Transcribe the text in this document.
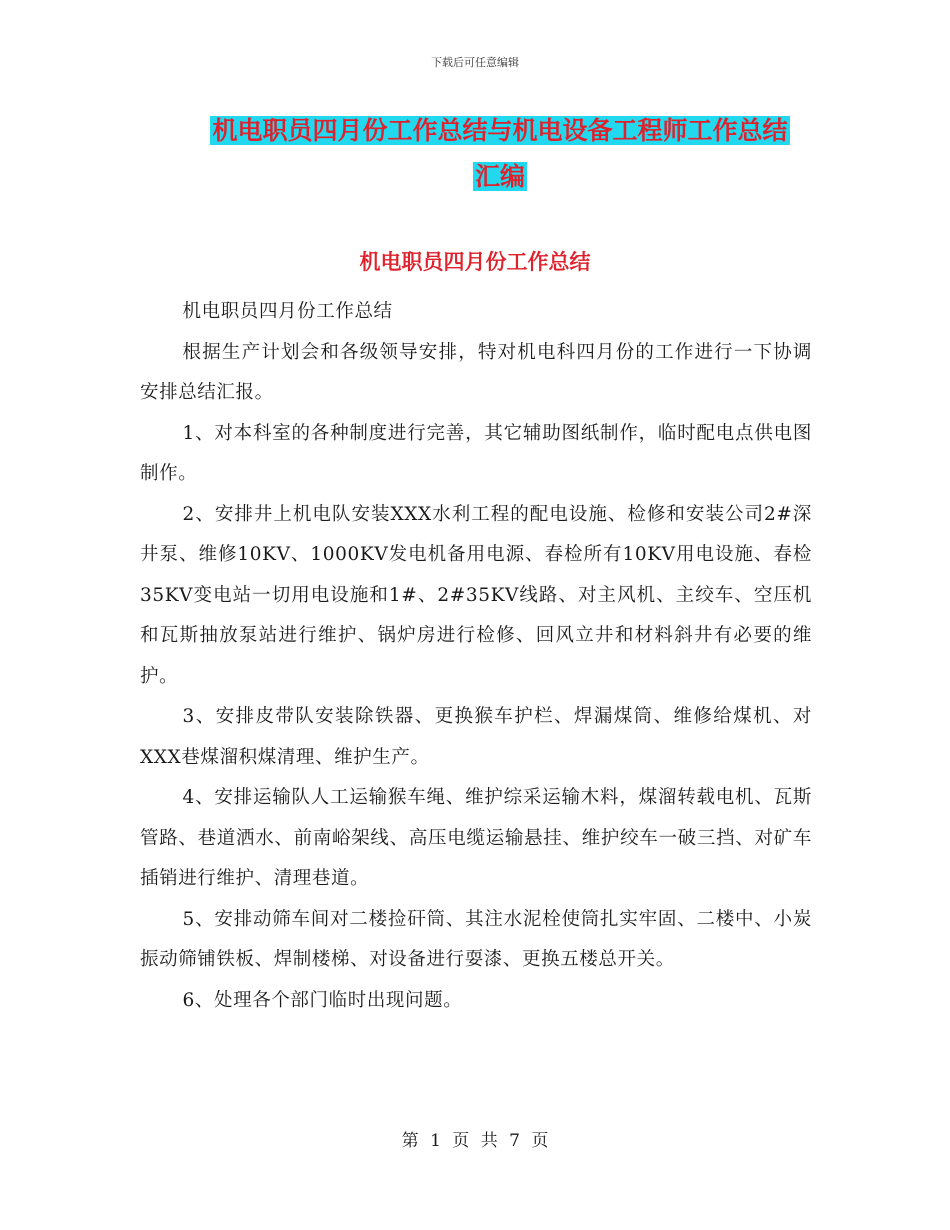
下载后可任意编辑
机电职员四月份工作总结与机电设备工程师工作总结
汇编
机电职员四月份工作总结

机电职员四月份工作总结

根据生产计划会和各级领导安排，特对机电科四月份的工作进行一下协调安排总结汇报。

1、对本科室的各种制度进行完善，其它辅助图纸制作，临时配电点供电图制作。

2、安排井上机电队安装XXX水利工程的配电设施、检修和安装公司2#深井泵、维修10KV、1000KV发电机备用电源、春检所有10KV用电设施、春检35KV变电站一切用电设施和1#、2#35KV线路、对主风机、主绞车、空压机和瓦斯抽放泵站进行维护、锅炉房进行检修、回风立井和材料斜井有必要的维护。

3、安排皮带队安装除铁器、更换猴车护栏、焊漏煤筒、维修给煤机、对XXX巷煤溜积煤清理、维护生产。

4、安排运输队人工运输猴车绳、维护综采运输木料，煤溜转载电机、瓦斯管路、巷道洒水、前南峪架线、高压电缆运输悬挂、维护绞车一破三挡、对矿车插销进行维护、清理巷道。

5、安排动筛车间对二楼捡矸筒、其注水泥栓使筒扎实牢固、二楼中、小炭振动筛铺铁板、焊制楼梯、对设备进行耍漆、更换五楼总开关。

6、处理各个部门临时出现问题。

第 1 页 共 7 页
